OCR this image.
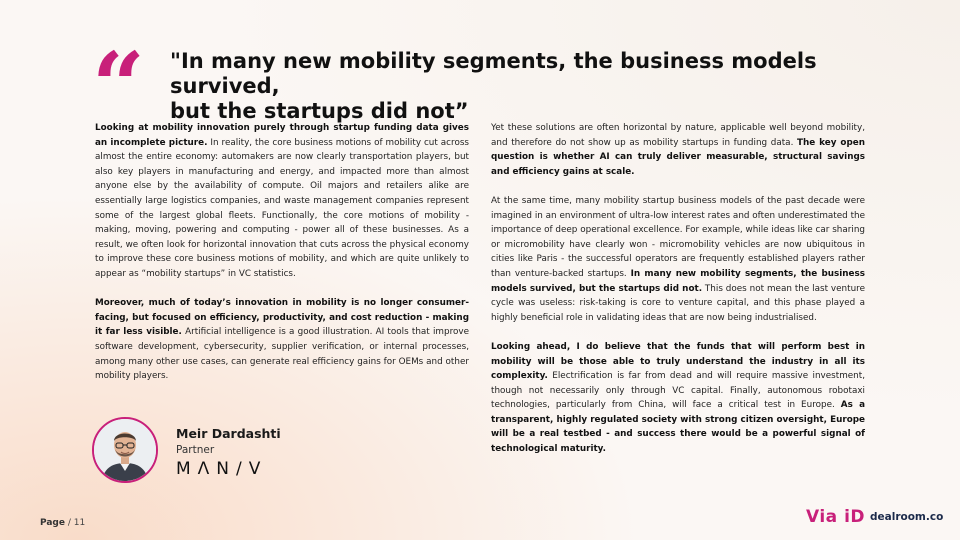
“ "In many new mobility segments, the business models survived,
but the startups did not”

Looking at mobility innovation purely through startup funding data gives an incomplete picture. In reality, the core business motions of mobility cut across almost the entire economy: automakers are now clearly transportation players, but also key players in manufacturing and energy, and impacted more than almost anyone else by the availability of compute. Oil majors and retailers alike are essentially large logistics companies, and waste management companies represent some of the largest global fleets. Functionally, the core motions of mobility - making, moving, powering and computing - power all of these businesses. As a result, we often look for horizontal innovation that cuts across the physical economy to improve these core business motions of mobility, and which are quite unlikely to appear as “mobility startups” in VC statistics.

Moreover, much of today’s innovation in mobility is no longer consumer-facing, but focused on efficiency, productivity, and cost reduction - making it far less visible. Artificial intelligence is a good illustration. AI tools that improve software development, cybersecurity, supplier verification, or internal processes, among many other use cases, can generate real efficiency gains for OEMs and other mobility players.

Yet these solutions are often horizontal by nature, applicable well beyond mobility, and therefore do not show up as mobility startups in funding data. The key open question is whether AI can truly deliver measurable, structural savings and efficiency gains at scale.

At the same time, many mobility startup business models of the past decade were imagined in an environment of ultra-low interest rates and often underestimated the importance of deep operational excellence. For example, while ideas like car sharing or micromobility have clearly won - micromobility vehicles are now ubiquitous in cities like Paris - the successful operators are frequently established players rather than venture-backed startups. In many new mobility segments, the business models survived, but the startups did not. This does not mean the last venture cycle was useless: risk-taking is core to venture capital, and this phase played a highly beneficial role in validating ideas that are now being industrialised.

Looking ahead, I do believe that the funds that will perform best in mobility will be those able to truly understand the industry in all its complexity. Electrification is far from dead and will require massive investment, though not necessarily only through VC capital. Finally, autonomous robotaxi technologies, particularly from China, will face a critical test in Europe. As a transparent, highly regulated society with strong citizen oversight, Europe will be a real testbed - and success there would be a powerful signal of technological maturity.

Meir Dardashti
Partner
MΛN/V
Page / 11	Via iD dealroom.co
